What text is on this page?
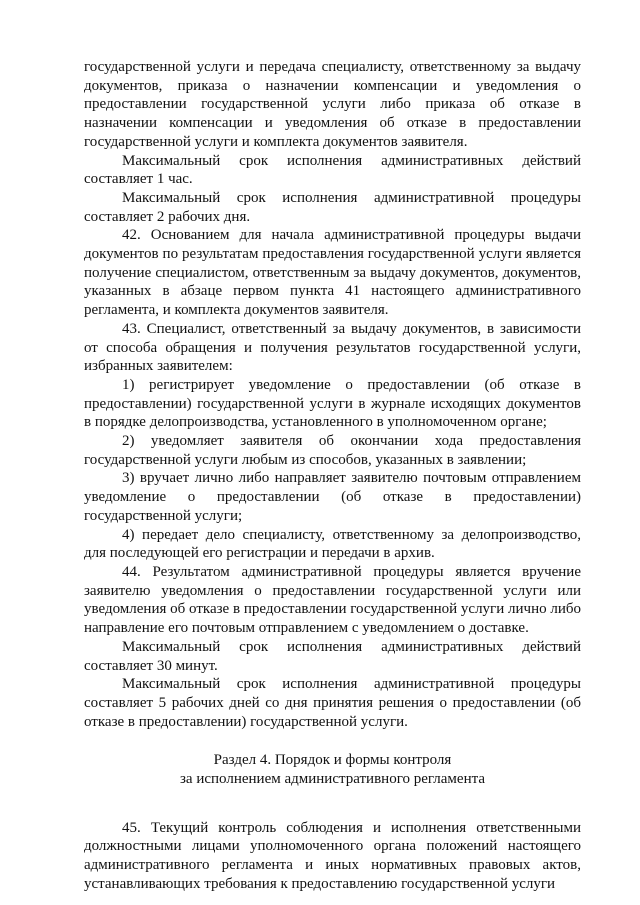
государственной услуги и передача специалисту, ответственному за выдачу документов, приказа о назначении компенсации и уведомления о предоставлении государственной услуги либо приказа об отказе в назначении компенсации и уведомления об отказе в предоставлении государственной услуги и комплекта документов заявителя.

Максимальный срок исполнения административных действий составляет 1 час.

Максимальный срок исполнения административной процедуры составляет 2 рабочих дня.

42. Основанием для начала административной процедуры выдачи документов по результатам предоставления государственной услуги является получение специалистом, ответственным за выдачу документов, документов, указанных в абзаце первом пункта 41 настоящего административного регламента, и комплекта документов заявителя.

43. Специалист, ответственный за выдачу документов, в зависимости от способа обращения и получения результатов государственной услуги, избранных заявителем:

1) регистрирует уведомление о предоставлении (об отказе в предоставлении) государственной услуги в журнале исходящих документов в порядке делопроизводства, установленного в уполномоченном органе;

2) уведомляет заявителя об окончании хода предоставления государственной услуги любым из способов, указанных в заявлении;

3) вручает лично либо направляет заявителю почтовым отправлением уведомление о предоставлении (об отказе в предоставлении) государственной услуги;

4) передает дело специалисту, ответственному за делопроизводство, для последующей его регистрации и передачи в архив.

44. Результатом административной процедуры является вручение заявителю уведомления о предоставлении государственной услуги или уведомления об отказе в предоставлении государственной услуги лично либо направление его почтовым отправлением с уведомлением о доставке.

Максимальный срок исполнения административных действий составляет 30 минут.

Максимальный срок исполнения административной процедуры составляет 5 рабочих дней со дня принятия решения о предоставлении (об отказе в предоставлении) государственной услуги.

Раздел 4. Порядок и формы контроля

за исполнением административного регламента

45. Текущий контроль соблюдения и исполнения ответственными должностными лицами уполномоченного органа положений настоящего административного регламента и иных нормативных правовых актов, устанавливающих требования к предоставлению государственной услуги
